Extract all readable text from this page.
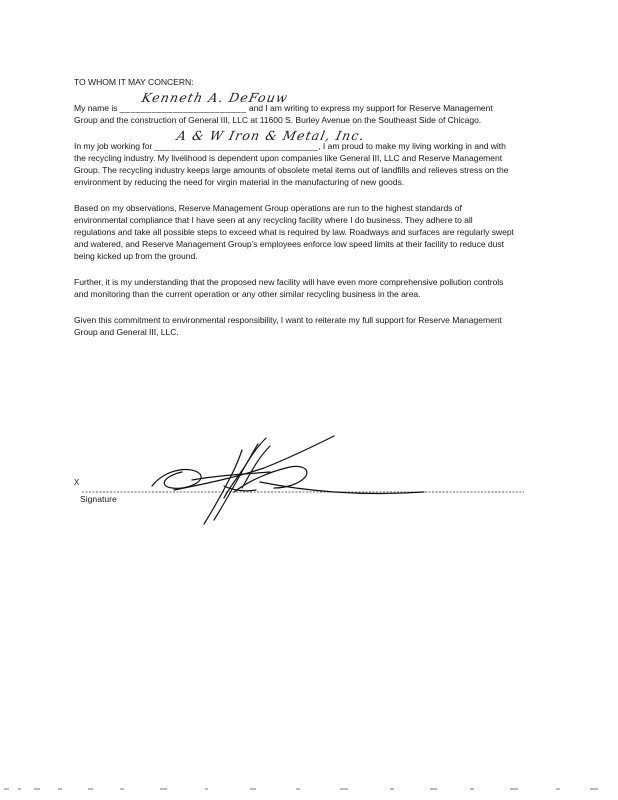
TO WHOM IT MAY CONCERN:

My name is ________________________
Kenneth A. DeFouw
and I am writing to express my support for Reserve Management Group and the construction of General III, LLC at 11600 S. Burley Avenue on the Southeast Side of Chicago.

In my job working for _______________________________
A & W Iron & Metal, Inc.
, I am proud to make my living working in and with the recycling industry. My livelihood is dependent upon companies like General III, LLC and Reserve Management Group. The recycling industry keeps large amounts of obsolete metal items out of landfills and relieves stress on the environment by reducing the need for virgin material in the manufacturing of new goods.

Based on my observations, Reserve Management Group operations are run to the highest standards of environmental compliance that I have seen at any recycling facility where I do business. They adhere to all regulations and take all possible steps to exceed what is required by law. Roadways and surfaces are regularly swept and watered, and Reserve Management Group’s employees enforce low speed limits at their facility to reduce dust being kicked up from the ground.

Further, it is my understanding that the proposed new facility will have even more comprehensive pollution controls and monitoring than the current operation or any other similar recycling business in the area.

Given this commitment to environmental responsibility, I want to reiterate my full support for Reserve Management Group and General III, LLC.

X
Signature
